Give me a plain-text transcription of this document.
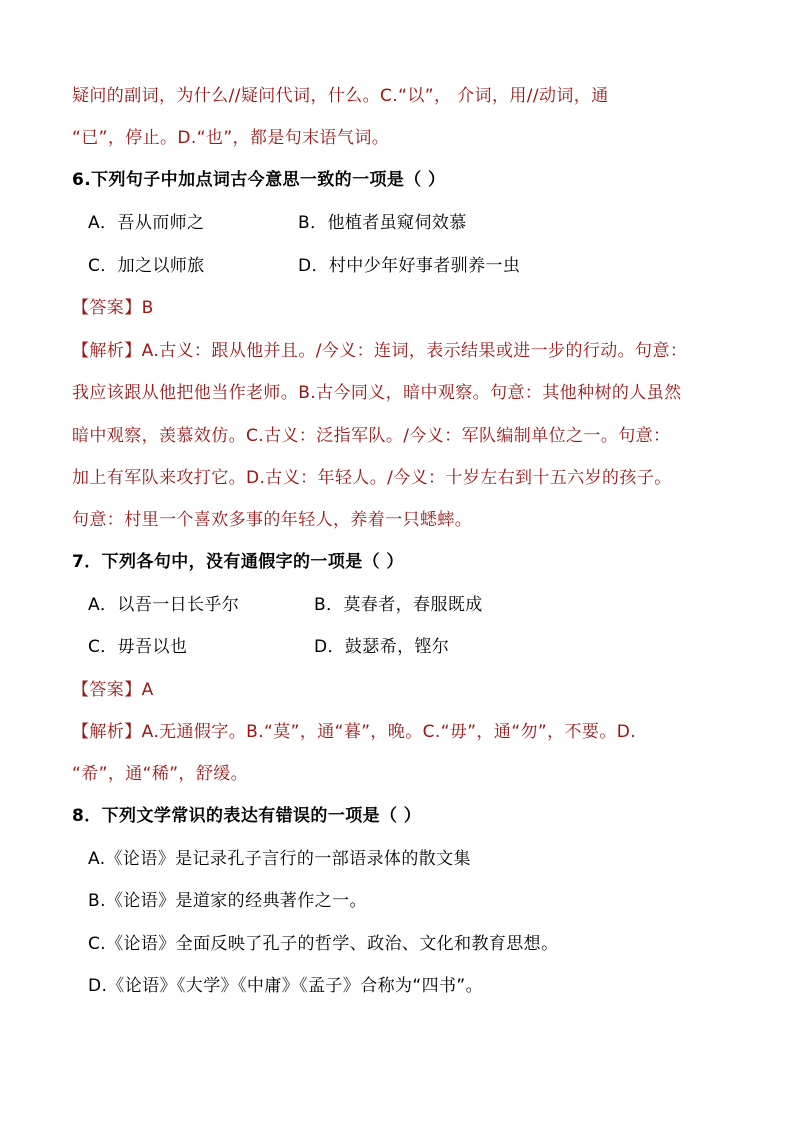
疑问的副词，为什么//疑问代词，什么。C.“以”， 介词，用//动词，通
“已”，停止。D.“也”，都是句末语气词。
6.下列句子中加点词古今意思一致的一项是（ ）
A．吾从而师之	B．他植者虽窥伺效慕
C．加之以师旅	D．村中少年好事者驯养一虫
【答案】B
【解析】A.古义：跟从他并且。/今义：连词，表示结果或进一步的行动。句意：
我应该跟从他把他当作老师。B.古今同义，暗中观察。句意：其他种树的人虽然
暗中观察，羡慕效仿。C.古义：泛指军队。/今义：军队编制单位之一。句意：
加上有军队来攻打它。D.古义：年轻人。/今义：十岁左右到十五六岁的孩子。
句意：村里一个喜欢多事的年轻人，养着一只蟋蟀。
7．下列各句中，没有通假字的一项是（ ）
A．以吾一日长乎尔	B．莫春者，春服既成
C．毋吾以也	D．鼓瑟希，铿尔
【答案】A
【解析】A.无通假字。B.“莫”，通“暮”，晚。C.“毋”，通“勿”，不要。D.
“希”，通“稀”，舒缓。
8．下列文学常识的表达有错误的一项是（ ）
A.《论语》是记录孔子言行的一部语录体的散文集
B.《论语》是道家的经典著作之一。
C.《论语》全面反映了孔子的哲学、政治、文化和教育思想。
D.《论语》《大学》《中庸》《孟子》合称为“四书”。
